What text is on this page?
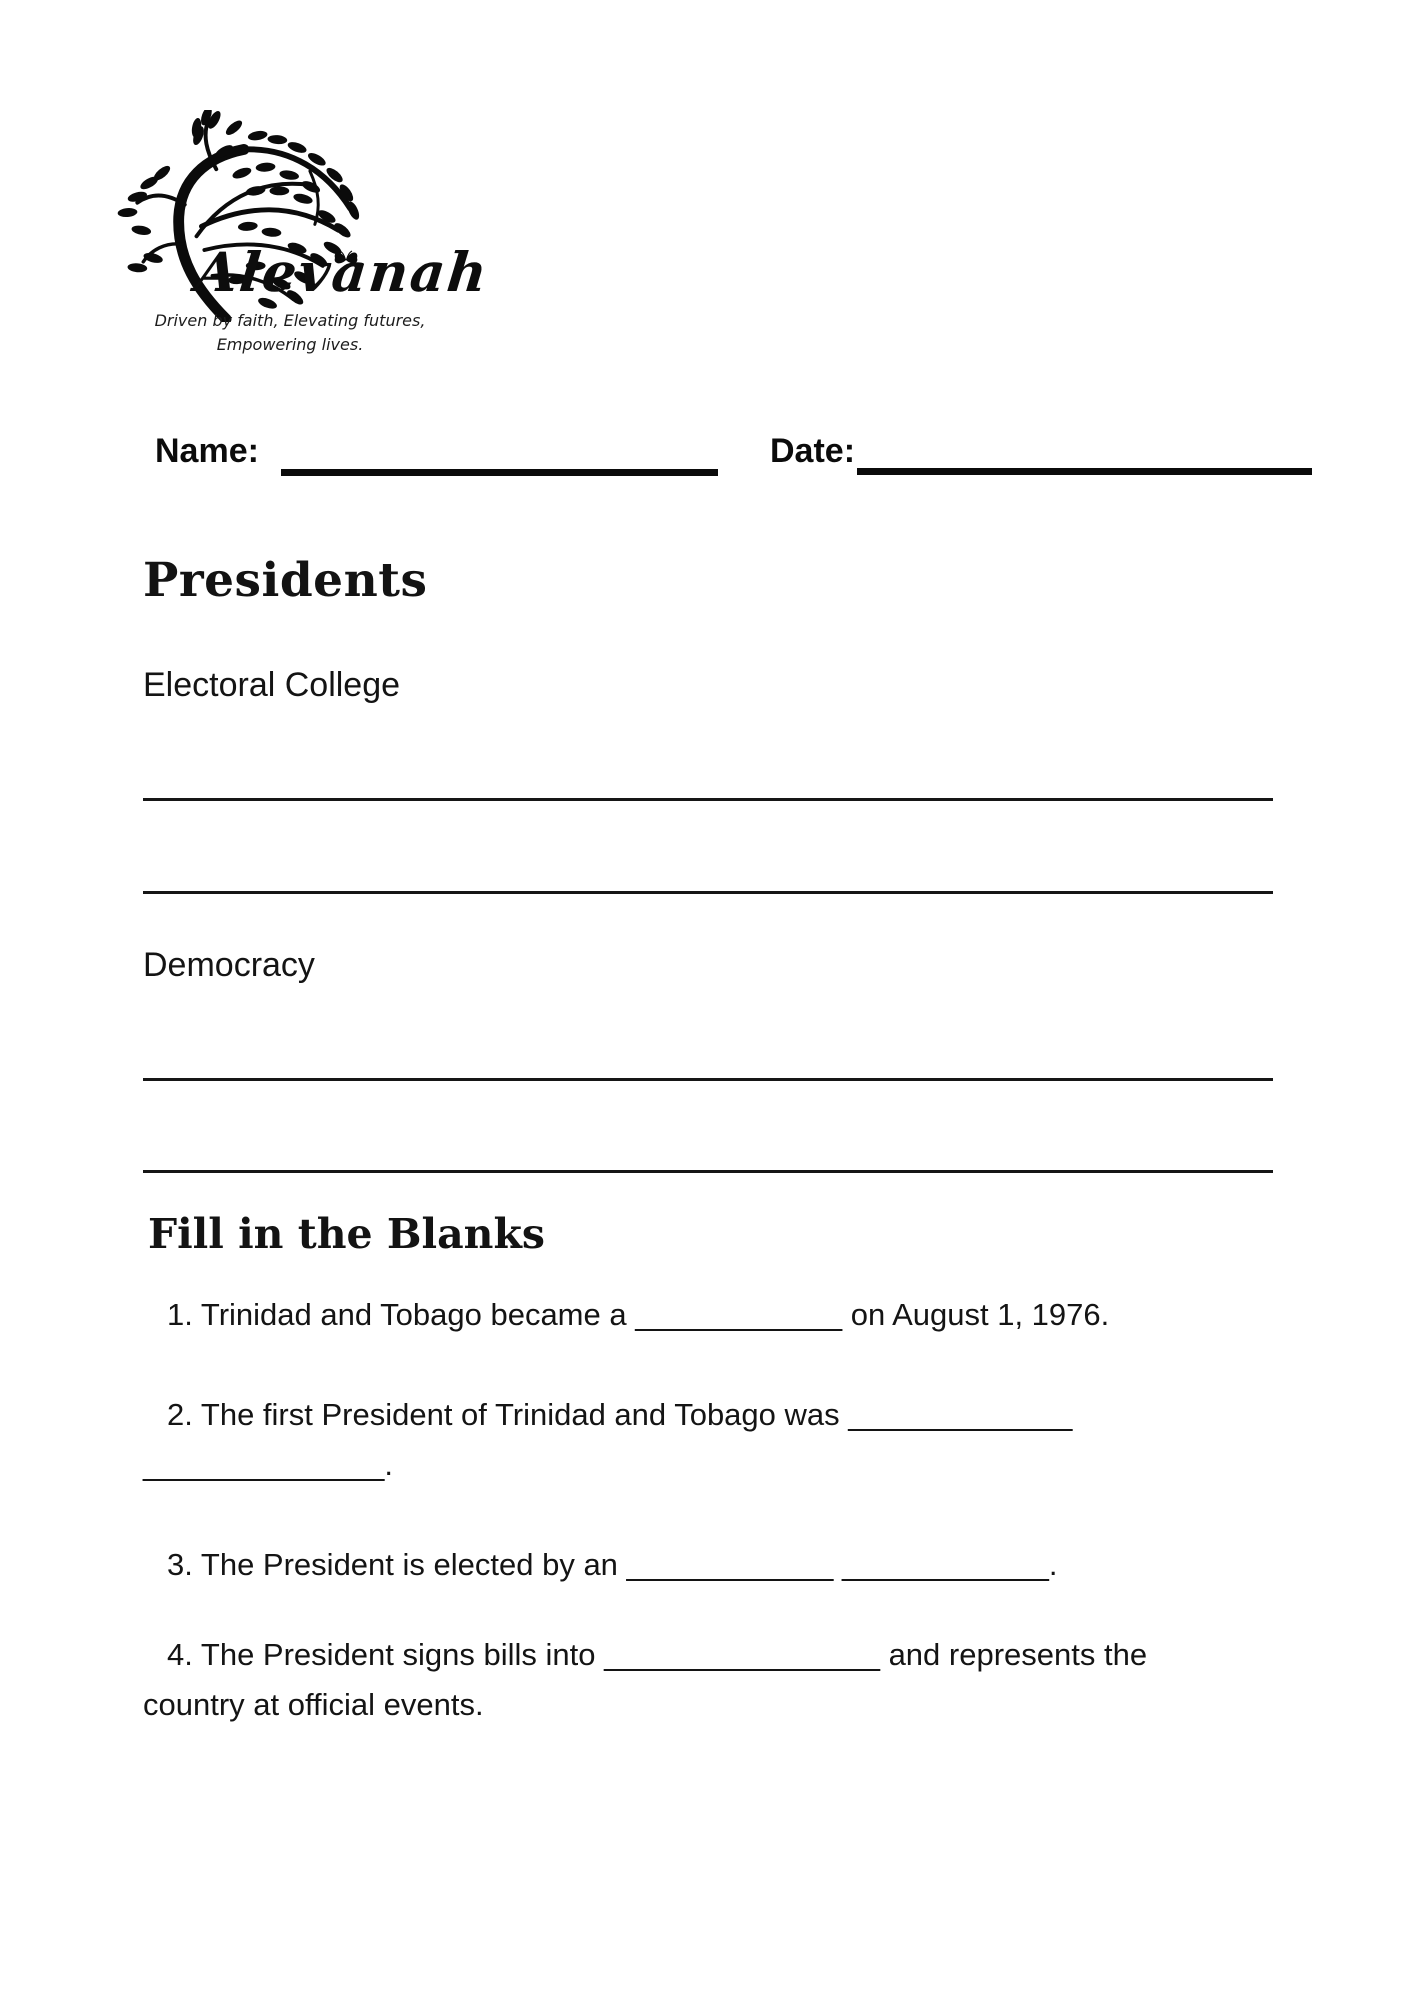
Alevanah
Driven by faith, Elevating futures,
Empowering lives.
Name:	Date:
Presidents
Electoral College
Democracy
Fill in the Blanks

1. Trinidad and Tobago became a ____________ on August 1, 1976.

2. The first President of Trinidad and Tobago was _____________
______________.

3. The President is elected by an ____________ ____________.

4. The President signs bills into ________________ and represents the
country at official events.
